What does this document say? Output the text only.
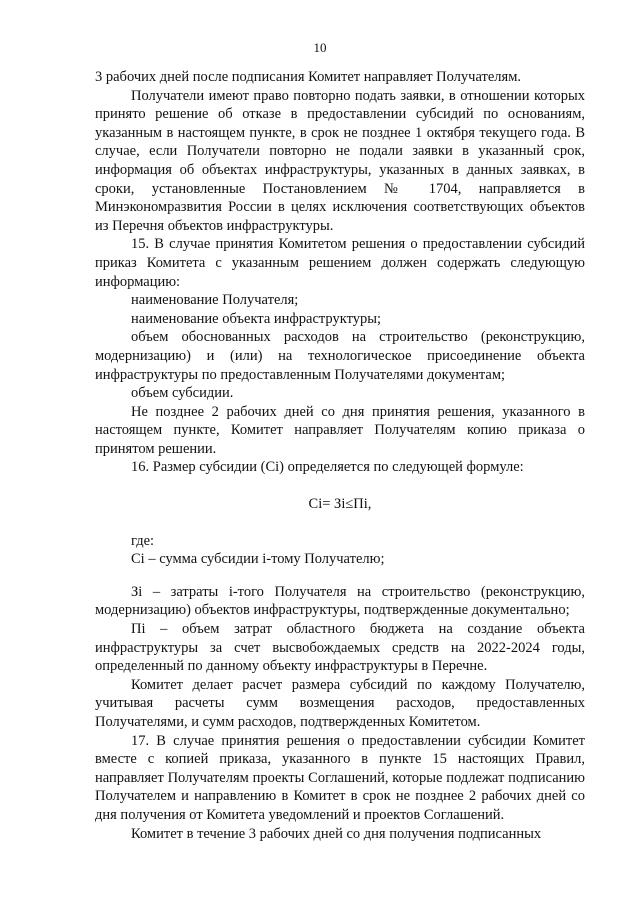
10

3 рабочих дней после подписания Комитет направляет Получателям.

Получатели имеют право повторно подать заявки, в отношении которых принято решение об отказе в предоставлении субсидий по основаниям, указанным в настоящем пункте, в срок не позднее 1 октября текущего года. В случае, если Получатели повторно не подали заявки в указанный срок, информация об объектах инфраструктуры, указанных в данных заявках, в сроки, установленные Постановлением № 1704, направляется в Минэкономразвития России в целях исключения соответствующих объектов из Перечня объектов инфраструктуры.

15. В случае принятия Комитетом решения о предоставлении субсидий приказ Комитета с указанным решением должен содержать следующую информацию:

наименование Получателя;

наименование объекта инфраструктуры;

объем обоснованных расходов на строительство (реконструкцию, модернизацию) и (или) на технологическое присоединение объекта инфраструктуры по предоставленным Получателями документам;

объем субсидии.

Не позднее 2 рабочих дней со дня принятия решения, указанного в настоящем пункте, Комитет направляет Получателям копию приказа о принятом решении.

16. Размер субсидии (Сi) определяется по следующей формуле:

Сi= Зi≤Пi,

где:

Сi – сумма субсидии i-тому Получателю;

Зi – затраты i-того Получателя на строительство (реконструкцию, модернизацию) объектов инфраструктуры, подтвержденные документально;

Пi – объем затрат областного бюджета на создание объекта инфраструктуры за счет высвобождаемых средств на 2022-2024 годы, определенный по данному объекту инфраструктуры в Перечне.

Комитет делает расчет размера субсидий по каждому Получателю, учитывая расчеты сумм возмещения расходов, предоставленных Получателями, и сумм расходов, подтвержденных Комитетом.

17. В случае принятия решения о предоставлении субсидии Комитет вместе с копией приказа, указанного в пункте 15 настоящих Правил, направляет Получателям проекты Соглашений, которые подлежат подписанию Получателем и направлению в Комитет в срок не позднее 2 рабочих дней со дня получения от Комитета уведомлений и проектов Соглашений.

Комитет в течение 3 рабочих дней со дня получения подписанных
